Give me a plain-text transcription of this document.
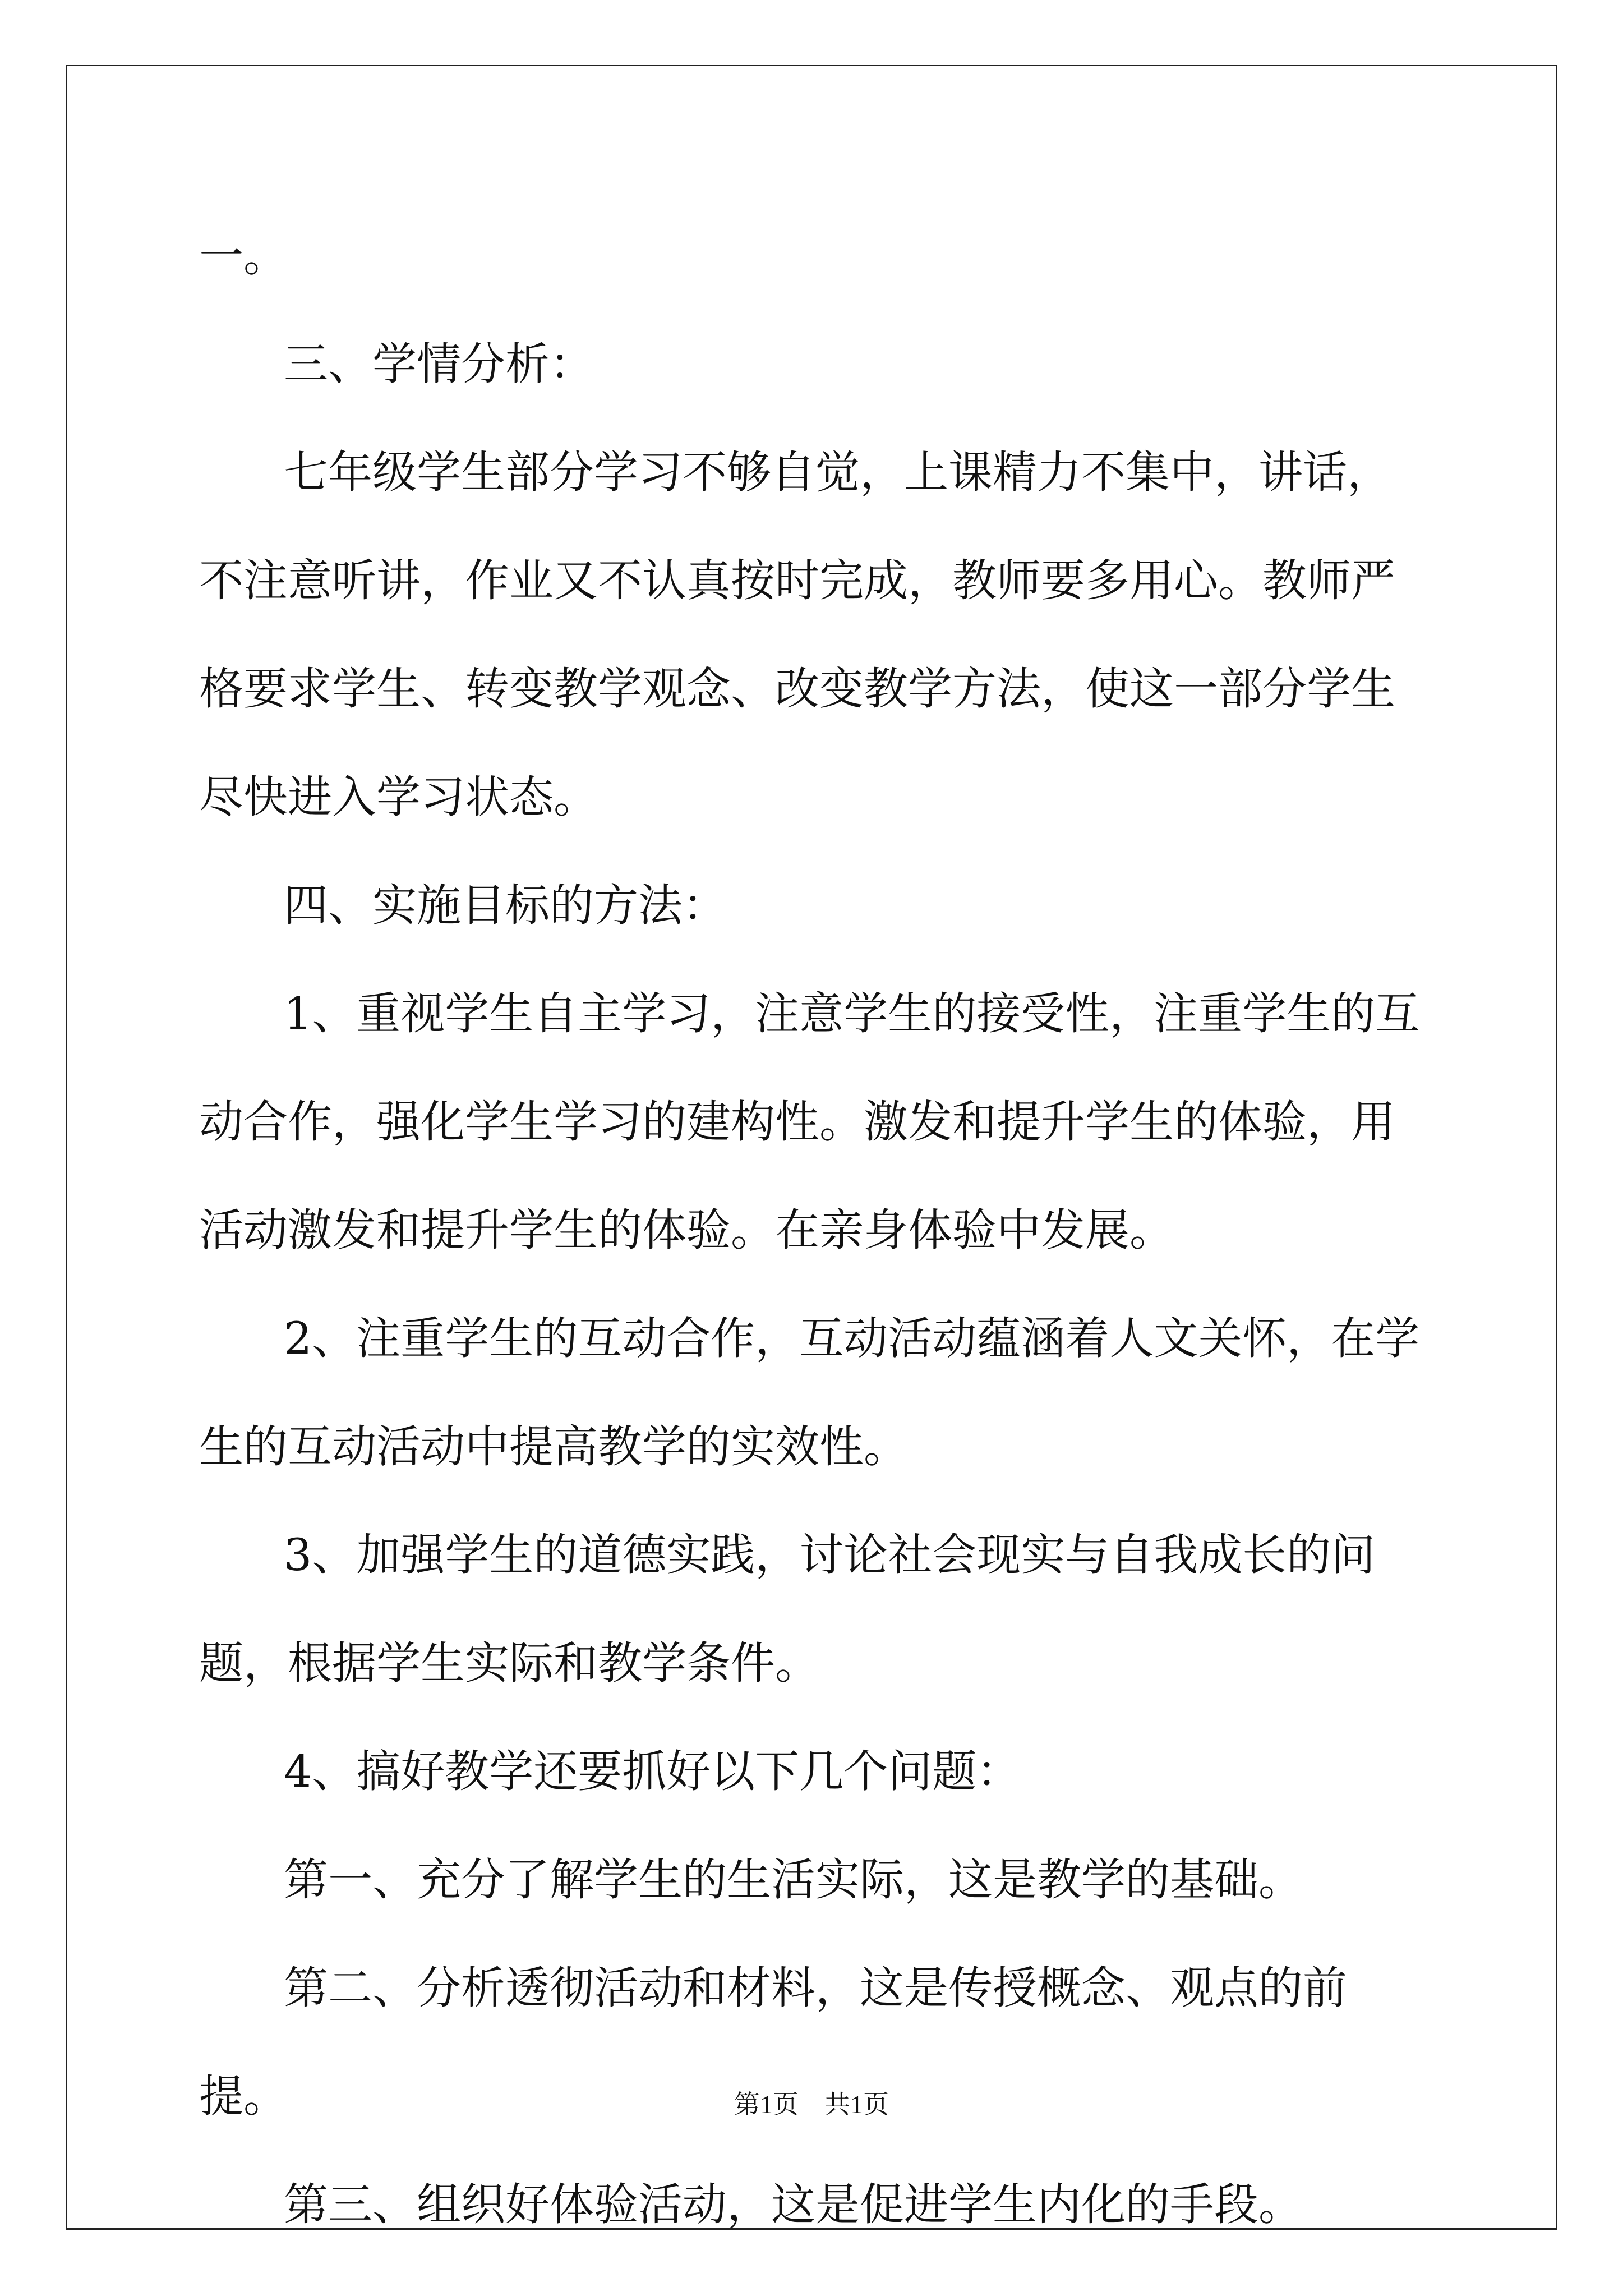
一。

三、学情分析：

七年级学生部分学习不够自觉，上课精力不集中，讲话，不注意听讲，作业又不认真按时完成，教师要多用心。教师严格要求学生、转变教学观念、改变教学方法，使这一部分学生尽快进入学习状态。

四、实施目标的方法：

1、重视学生自主学习，注意学生的接受性，注重学生的互动合作，强化学生学习的建构性。激发和提升学生的体验，用活动激发和提升学生的体验。在亲身体验中发展。

2、注重学生的互动合作，互动活动蕴涵着人文关怀，在学生的互动活动中提高教学的实效性。

3、加强学生的道德实践，讨论社会现实与自我成长的问题，根据学生实际和教学条件。

4、搞好教学还要抓好以下几个问题：

第一、充分了解学生的生活实际，这是教学的基础。

第二、分析透彻活动和材料，这是传授概念、观点的前提。

第三、组织好体验活动，这是促进学生内化的手段。

第1页　共1页
